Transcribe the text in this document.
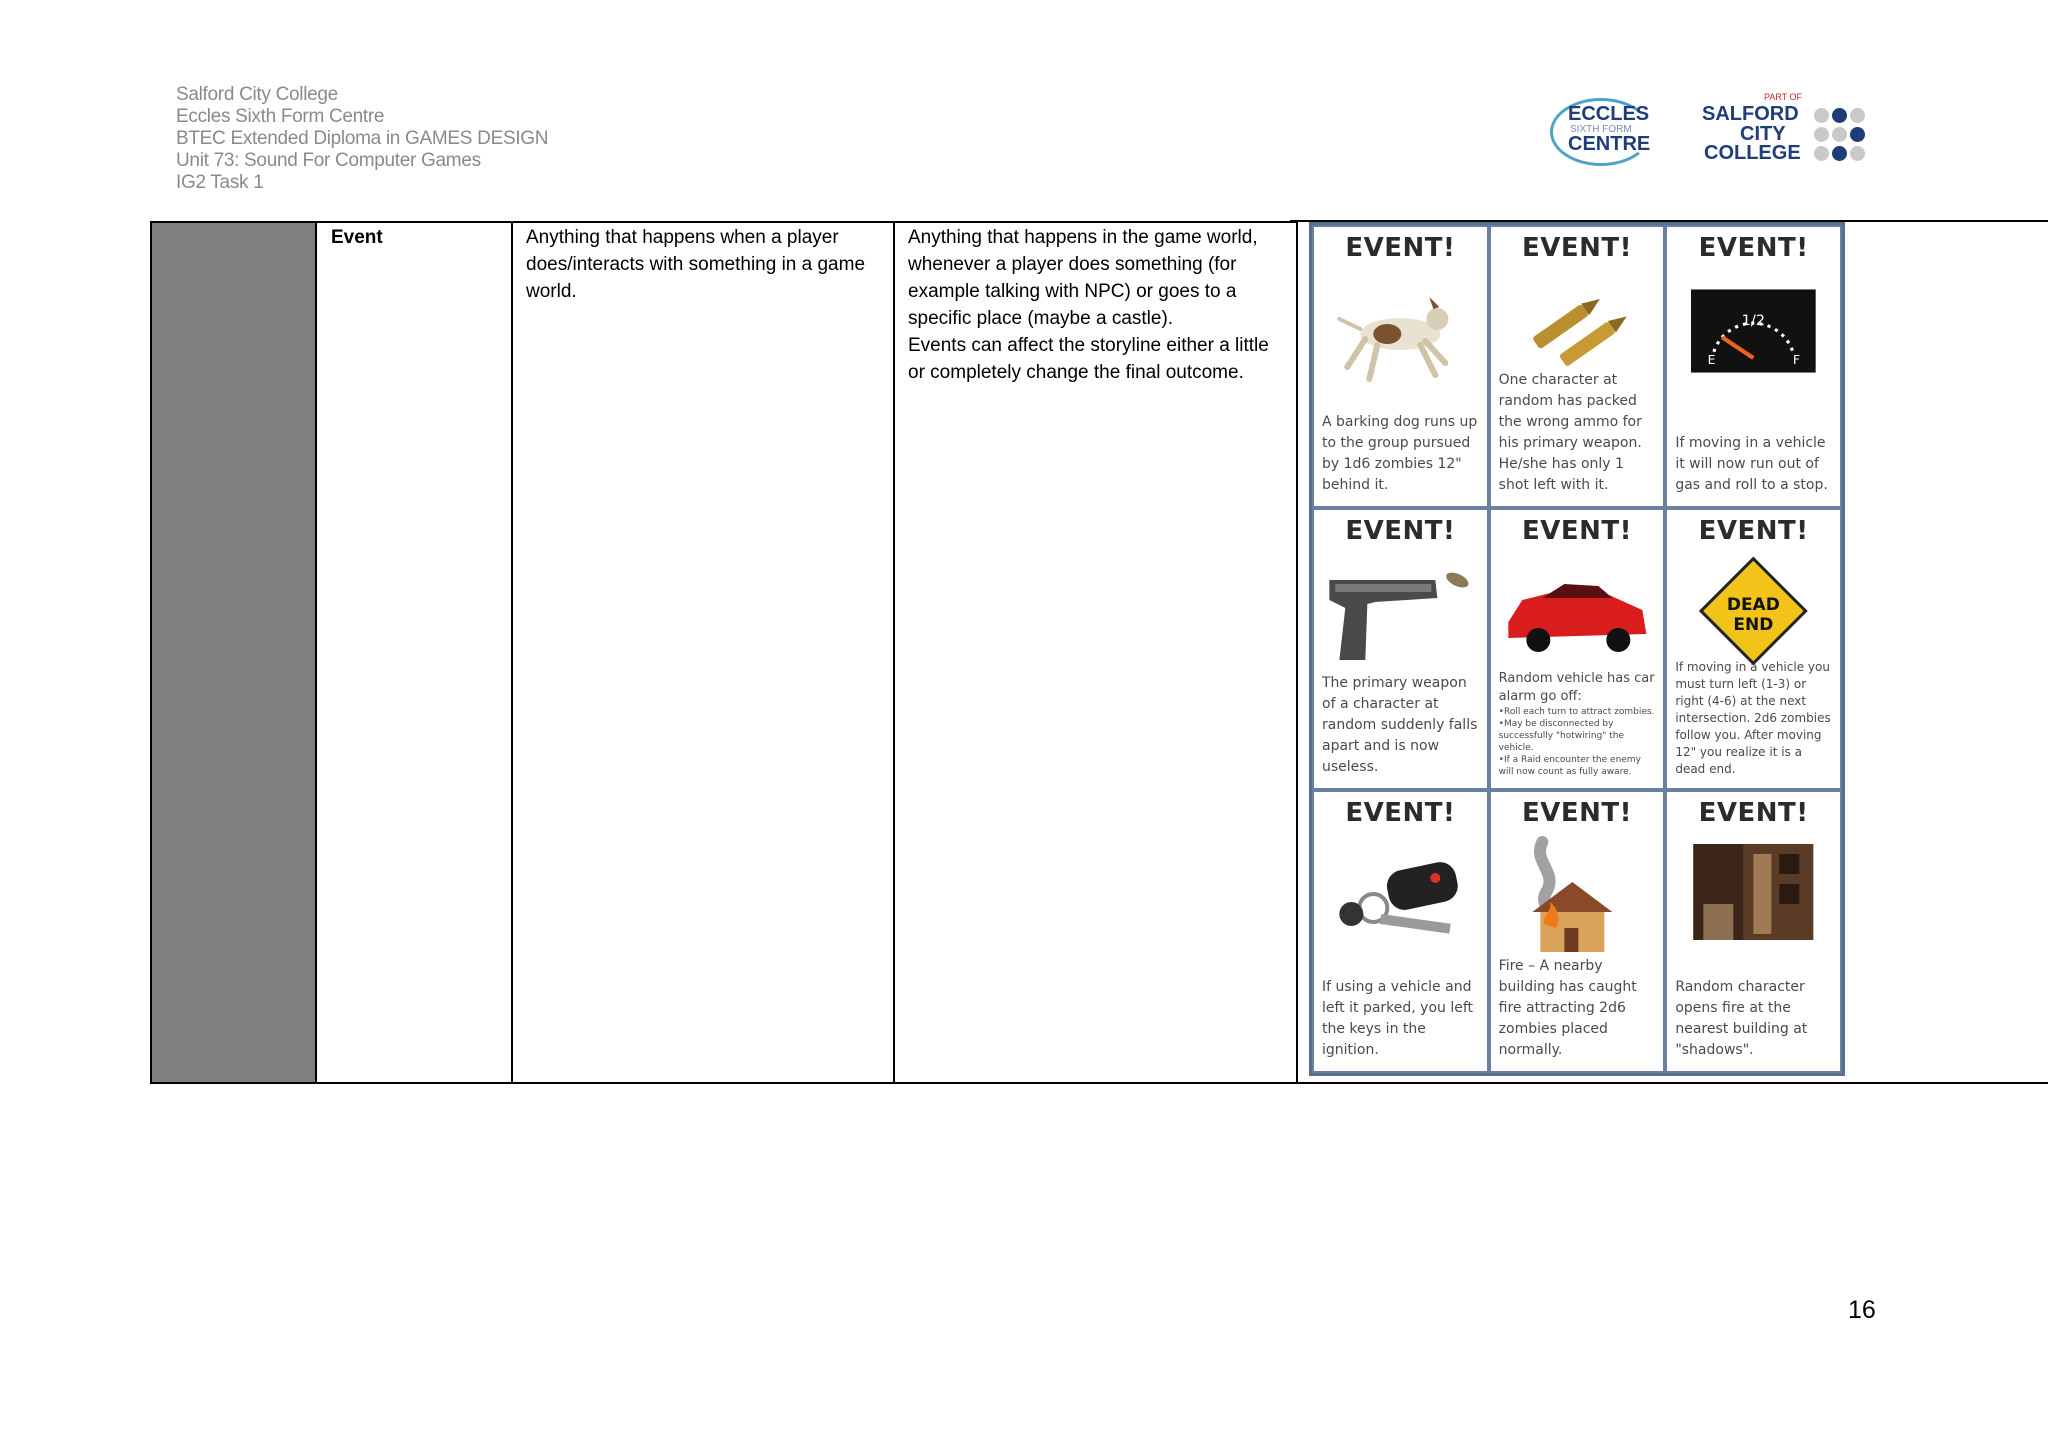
Salford City College
Eccles Sixth Form Centre
BTEC Extended Diploma in GAMES DESIGN
Unit 73: Sound For Computer Games
IG2 Task 1
ECCLES
SIXTH FORM
CENTRE
PART OF
SALFORD
CITY
COLLEGE
Event	Anything that happens when a player does/interacts with something in a game world.
Anything that happens in the game world, whenever a player does something (for example talking with NPC) or goes to a specific place (maybe a castle).
Events can affect the storyline either a little or completely change the final outcome.
EVENT!
A barking dog runs up to the group pursued by 1d6 zombies 12" behind it.
EVENT!
One character at random has packed the wrong ammo for his primary weapon. He/she has only 1 shot left with it.
EVENT!
1/2
E	F
If moving in a vehicle it will now run out of gas and roll to a stop.
EVENT!
The primary weapon of a character at random suddenly falls apart and is now useless.
EVENT!
Random vehicle has car alarm go off:
•Roll each turn to attract zombies.
•May be disconnected by successfully "hotwiring" the vehicle.
•If a Raid encounter the enemy will now count as fully aware.
EVENT!
DEAD
END
If moving in a vehicle you must turn left (1-3) or right (4-6) at the next intersection. 2d6 zombies follow you. After moving 12" you realize it is a dead end.
EVENT!
If using a vehicle and left it parked, you left the keys in the ignition.
EVENT!
Fire – A nearby building has caught fire attracting 2d6 zombies placed normally.
EVENT!
Random character opens fire at the nearest building at "shadows".
16
